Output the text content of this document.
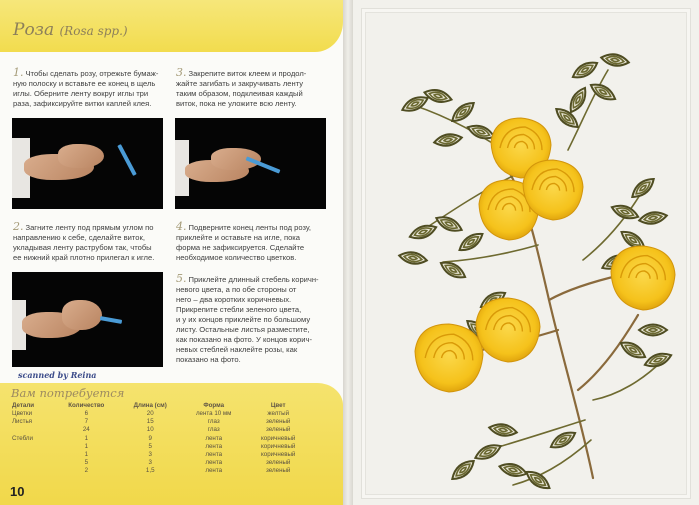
Роза (Rosa spp.)
1. Чтобы сделать розу, отрежьте бумаж-
ную полоску и вставьте ее конец в щель
иглы. Оберните ленту вокруг иглы три
раза, зафиксируйте витки каплей клея.
3. Закрепите виток клеем и продол-
жайте загибать и закручивать ленту
таким образом, подклеивая каждый
виток, пока не уложите всю ленту.
2. Загните ленту под прямым углом по
направлению к себе, сделайте виток,
укладывая ленту раструбом так, чтобы
ее нижний край плотно прилегал к игле.
4. Подверните конец ленты под розу,
приклейте и оставьте на игле, пока
форма не зафиксируется. Сделайте
необходимое количество цветков.
5. Приклейте длинный стебель коричн-
невого цвета, а по обе стороны от
него – два коротких коричневых.
Прикрепите стебли зеленого цвета,
и у их концов приклейте по большому
листу. Остальные листья разместите,
как показано на фото. У концов корич-
невых стеблей наклейте розы, как
показано на фото.
scanned by Reina
Вам потребуется
Детали	Количество	Длина (см)	Форма	Цвет
Цветки	6	20	лента 10 мм	желтый
Листья	7	15	глаз	зеленый
	24	10	глаз	зеленый
Стебли	1	9	лента	коричневый
	1	5	лента	коричневый
	1	3	лента	коричневый
	5	3	лента	зеленый
	2	1,5	лента	зеленый
10
